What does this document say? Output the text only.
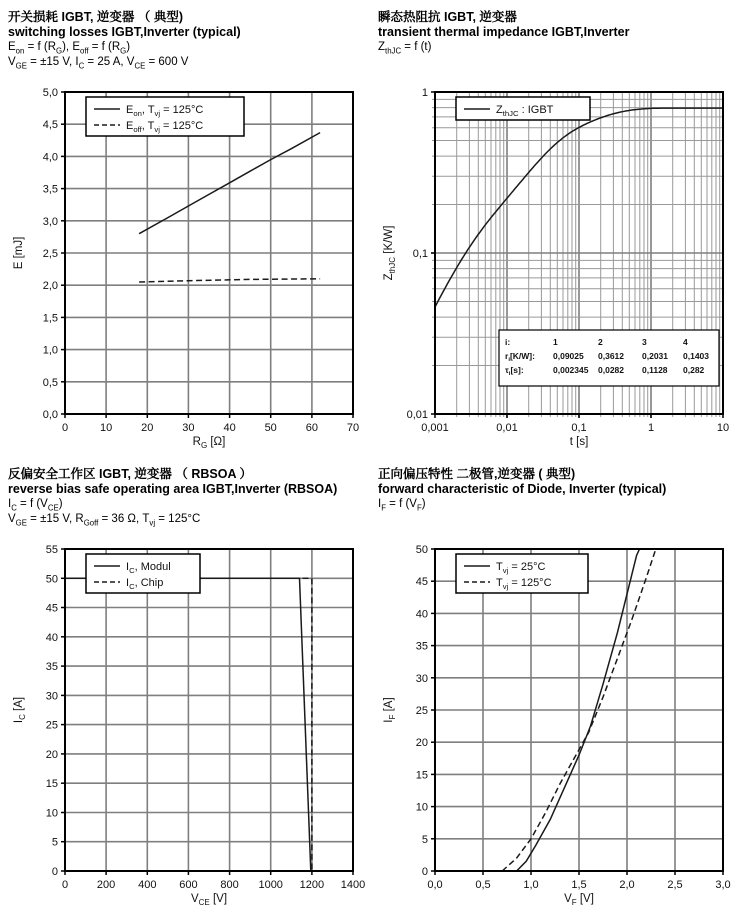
开关损耗 IGBT, 逆变器 （ 典型)
switching losses IGBT,Inverter (typical)
$E_{on} = f$ $(R_G)$, $E_{off} = f$ $(R_G)$
$V_{GE} = \pm 15$ V, $I_C = 25$ A, $V_{CE} = 600$ V
0	10	20	30	40	50	60	70
0,0
0,5
1,0
1,5
2,0
2,5
3,0
3,5
4,0
4,5
5,0
$R_G$ [Ω]
E [mJ]
$E_{on}$, $T_{vj} = 125^\circ C$
$E_{off}$, $T_{vj} = 125^\circ C$
瞬态热阻抗 IGBT, 逆变器
transient thermal impedance IGBT,Inverter
$Z_{thJC} = f$ (t)
i:	1	2	3	4
$r_i[K/W]$: 0,09025 0,3612 0,2031 0,1403
$\tau_i[s]$:	0,002345 0,0282 0,1128 0,282
0,001	0,01	0,1	1	10
0,01
0,1
1
t [s]
$Z_{thJC}$ [K/W]
$Z_{thJC}$ : IGBT
反偏安全工作区 IGBT, 逆变器 （ RBSOA ）
reverse bias safe operating area IGBT,Inverter (RBSOA)
$I_C = f$ $(V_{CE})$
$V_{GE} = \pm 15$ V, $R_{Goff} = 36$ Ω, $T_{vj} = 125^\circ C$
0	200 400 600 800 1000 1200 1400
0
5
10
15
20
25
30
35
40
45
50
55
$V_{CE}$ [V]
$I_C$ [A]
$I_C$, Modul
$I_C$, Chip
正向偏压特性 二极管,逆变器 ( 典型)
forward characteristic of Diode, Inverter (typical)
$I_F = f$ $(V_F)$
0,0	0,5	1,0	1,5	2,0	2,5	3,0
0
5
10
15
20
25
30
35
40
45
50
$V_F$ [V]
$I_F$ [A]
$T_{vj} = 25^\circ C$
$T_{vj} = 125^\circ C$
